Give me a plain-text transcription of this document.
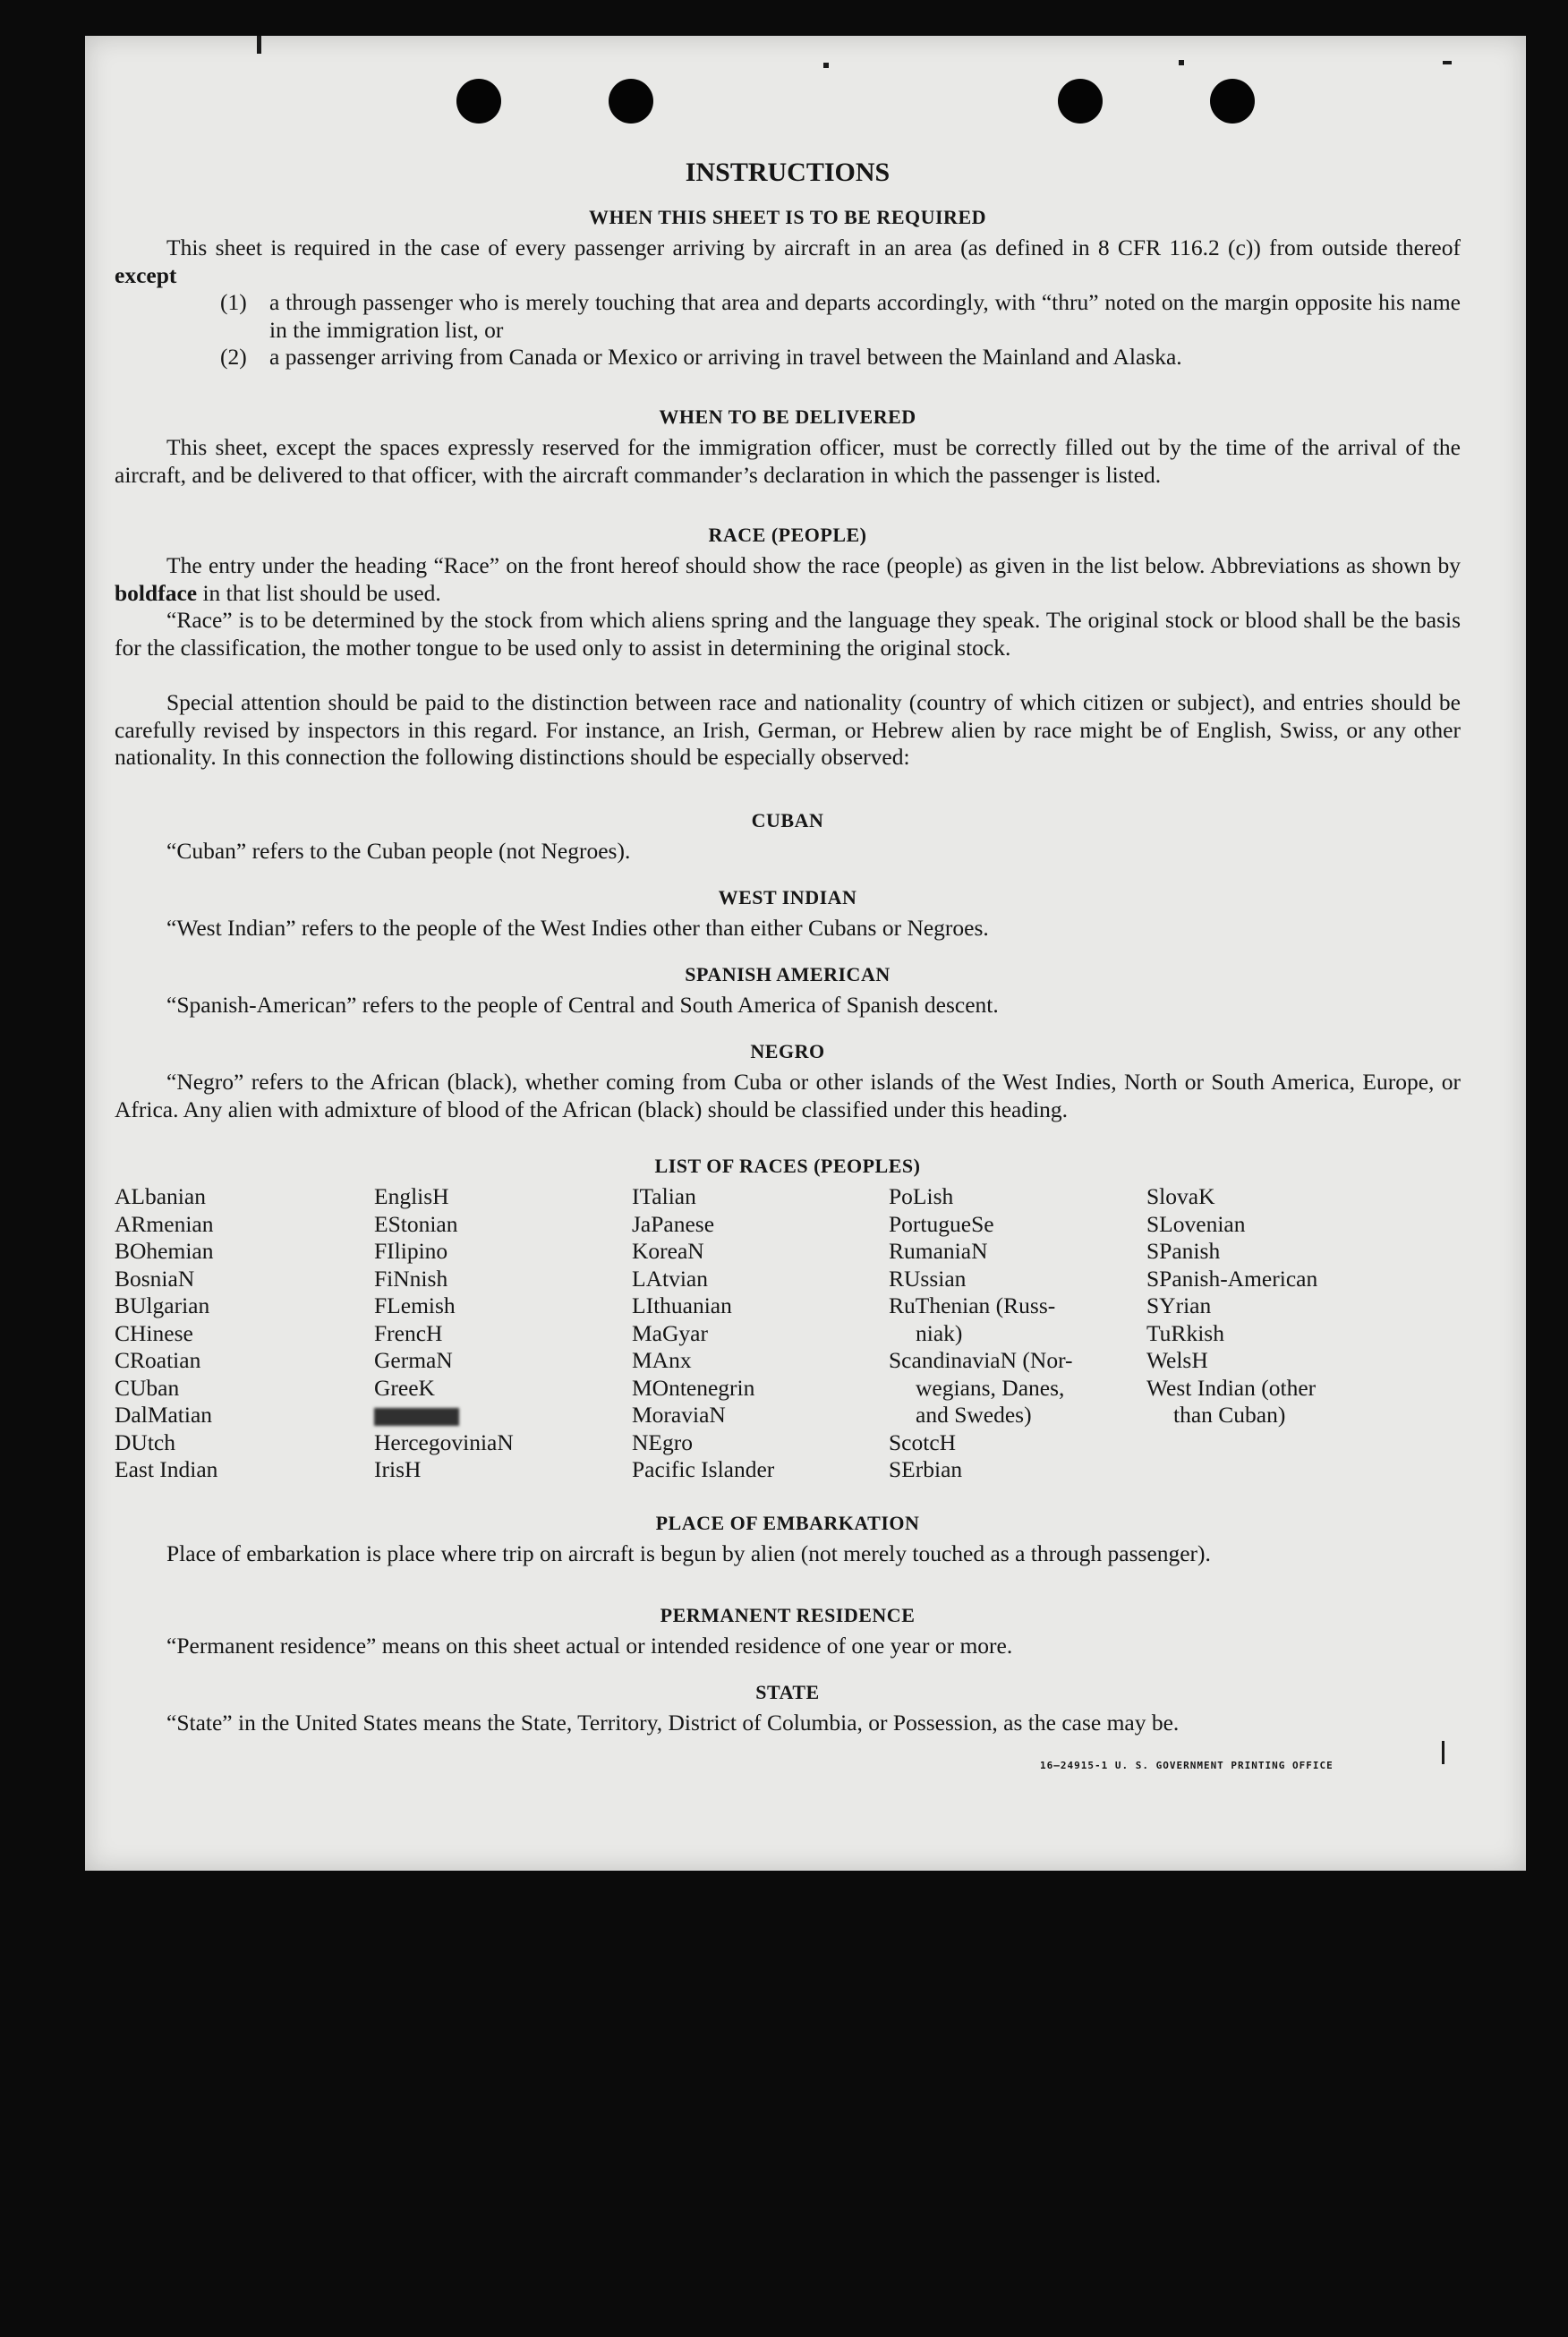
INSTRUCTIONS
WHEN THIS SHEET IS TO BE REQUIRED
This sheet is required in the case of every passenger arriving by aircraft in an area (as defined in 8 CFR 116.2 (c)) from outside thereof except
(1) a through passenger who is merely touching that area and departs accordingly, with “thru” noted on the margin opposite his name in the immigration list, or
(2) a passenger arriving from Canada or Mexico or arriving in travel between the Mainland and Alaska.
WHEN TO BE DELIVERED
This sheet, except the spaces expressly reserved for the immigration officer, must be correctly filled out by the time of the arrival of the aircraft, and be delivered to that officer, with the aircraft commander’s declaration in which the passenger is listed.
RACE (PEOPLE)
The entry under the heading “Race” on the front hereof should show the race (people) as given in the list below. Abbreviations as shown by boldface in that list should be used.
“Race” is to be determined by the stock from which aliens spring and the language they speak. The original stock or blood shall be the basis for the classification, the mother tongue to be used only to assist in determining the original stock.
Special attention should be paid to the distinction between race and nationality (country of which citizen or subject), and entries should be carefully revised by inspectors in this regard. For instance, an Irish, German, or Hebrew alien by race might be of English, Swiss, or any other nationality. In this connection the following distinctions should be especially observed:
CUBAN
“Cuban” refers to the Cuban people (not Negroes).
WEST INDIAN
“West Indian” refers to the people of the West Indies other than either Cubans or Negroes.
SPANISH AMERICAN
“Spanish-American” refers to the people of Central and South America of Spanish descent.
NEGRO
“Negro” refers to the African (black), whether coming from Cuba or other islands of the West Indies, North or South America, Europe, or Africa. Any alien with admixture of blood of the African (black) should be classified under this heading.
LIST OF RACES (PEOPLES)
ALbanian
ARmenian
BOhemian
BosniaN
BUlgarian
CHinese
CRoatian
CUban
DalMatian
DUtch
East Indian
EnglisH
EStonian
FIlipino
FiNnish
FLemish
FrencH
GermaN
GreeK
HercegoviniaN
IrisH
ITalian
JaPanese
KoreaN
LAtvian
LIthuanian
MaGyar
MAnx
MOntenegrin
MoraviaN
NEgro
Pacific Islander
PoLish
PortugueSe
RumaniaN
RUssian
RuThenian (Russ-
niak)
ScandinaviaN (Nor-
wegians, Danes,
and Swedes)
ScotcH
SErbian
SlovaK
SLovenian
SPanish
SPanish-American
SYrian
TuRkish
WelsH
West Indian (other
than Cuban)
PLACE OF EMBARKATION
Place of embarkation is place where trip on aircraft is begun by alien (not merely touched as a through passenger).
PERMANENT RESIDENCE
“Permanent residence” means on this sheet actual or intended residence of one year or more.
STATE
“State” in the United States means the State, Territory, District of Columbia, or Possession, as the case may be.
16—24915-1 U. S. GOVERNMENT PRINTING OFFICE
